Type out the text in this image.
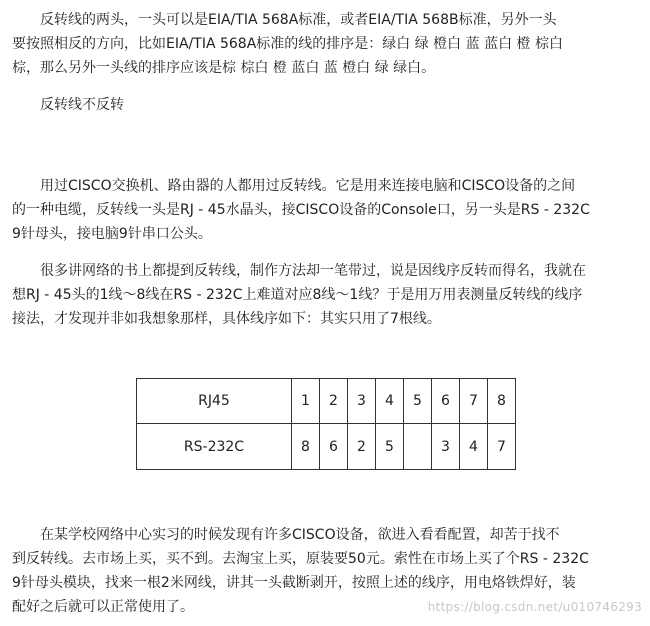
　　反转线的两头，一头可以是EIA/TIA 568A标准，或者EIA/TIA 568B标准，另外一头
要按照相反的方向，比如EIA/TIA 568A标准的线的排序是：绿白 绿 橙白 蓝 蓝白 橙 棕白
棕，那么另外一头线的排序应该是棕 棕白 橙 蓝白 蓝 橙白 绿 绿白。
　　反转线不反转
　　用过CISCO交换机、路由器的人都用过反转线。它是用来连接电脑和CISCO设备的之间
的一种电缆，反转线一头是RJ - 45水晶头，接CISCO设备的Console口，另一头是RS - 232C
9针母头，接电脑9针串口公头。
　　很多讲网络的书上都提到反转线，制作方法却一笔带过，说是因线序反转而得名，我就在
想RJ - 45头的1线～8线在RS - 232C上难道对应8线～1线？于是用万用表测量反转线的线序
接法，才发现并非如我想象那样，具体线序如下：其实只用了7根线。
RJ45	1	2	3	4	5	6	7	8
RS-232C	8	6	2	5		3	4	7
　　在某学校网络中心实习的时候发现有许多CISCO设备，欲进入看看配置，却苦于找不
到反转线。去市场上买，买不到。去淘宝上买，原装要50元。索性在市场上买了个RS - 232C
9针母头模块，找来一根2米网线，讲其一头截断剥开，按照上述的线序，用电烙铁焊好，装
配好之后就可以正常使用了。	https://blog.csdn.net/u010746293
